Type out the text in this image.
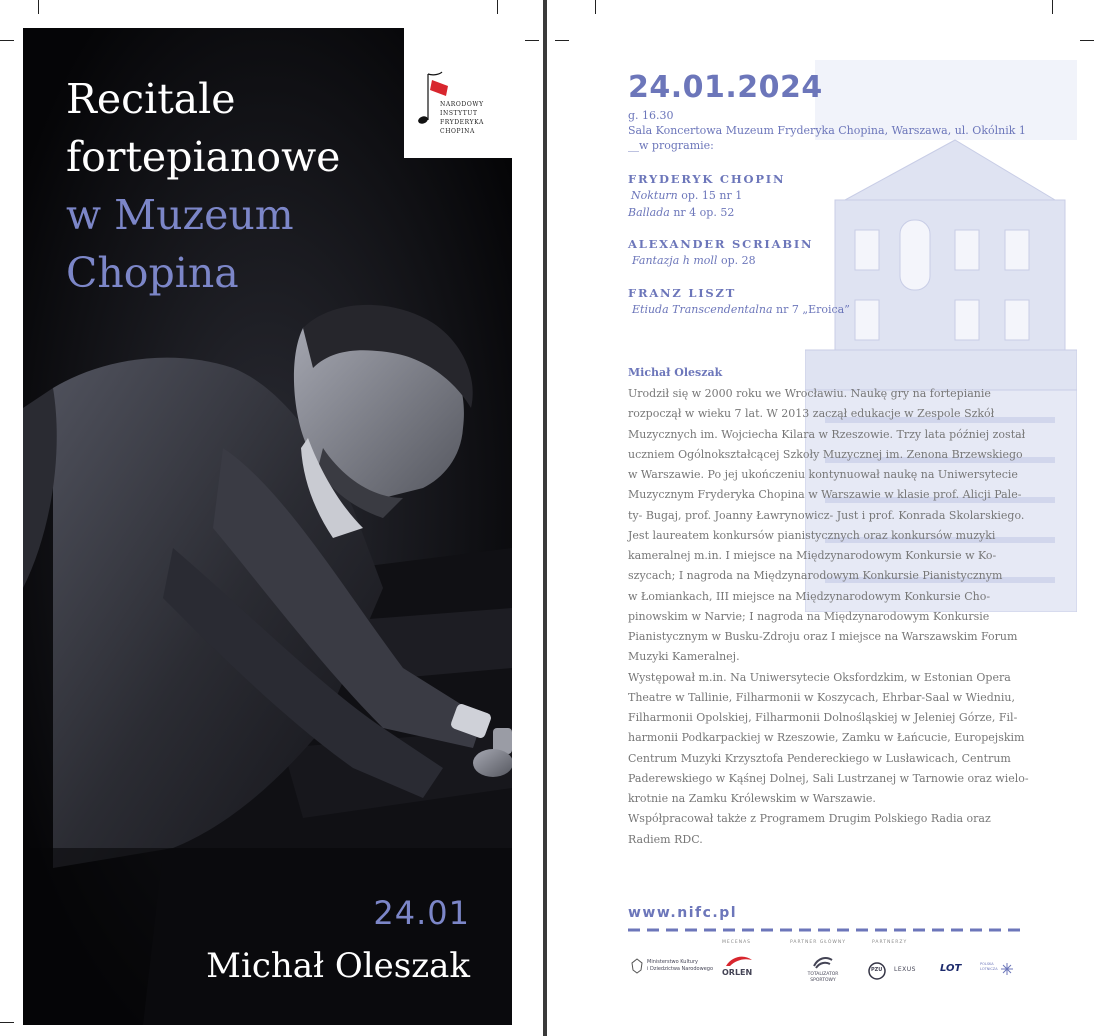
Recitale
fortepianowe
w Muzeum
Chopina
NARODOWY
INSTYTUT
FRYDERYKA
CHOPINA
24.01
Michał Oleszak
24.01.2024
g. 16.30
Sala Koncertowa Muzeum Fryderyka Chopina, Warszawa, ul. Okólnik 1
__w programie:
FRYDERYK CHOPIN
Nokturn op. 15 nr 1
Ballada nr 4 op. 52
ALEXANDER SCRIABIN
Fantazja h moll op. 28
FRANZ LISZT
Etiuda Transcendentalna nr 7 „Eroica”
Michał Oleszak
Urodził się w 2000 roku we Wrocławiu. Naukę gry na fortepianie
rozpoczął w wieku 7 lat. W 2013 zaczął edukacje w Zespole Szkół
Muzycznych im. Wojciecha Kilara w Rzeszowie. Trzy lata później został
uczniem Ogólnokształcącej Szkoły Muzycznej im. Zenona Brzewskiego
w Warszawie. Po jej ukończeniu kontynuował naukę na Uniwersytecie
Muzycznym Fryderyka Chopina w Warszawie w klasie prof. Alicji Pale-
ty- Bugaj, prof. Joanny Ławrynowicz- Just i prof. Konrada Skolarskiego.
Jest laureatem konkursów pianistycznych oraz konkursów muzyki
kameralnej m.in. I miejsce na Międzynarodowym Konkursie w Ko-
szycach; I nagroda na Międzynarodowym Konkursie Pianistycznym
w Łomiankach, III miejsce na Międzynarodowym Konkursie Cho-
pinowskim w Narvie; I nagroda na Międzynarodowym Konkursie
Pianistycznym w Busku-Zdroju oraz I miejsce na Warszawskim Forum
Muzyki Kameralnej.
Występował m.in. Na Uniwersytecie Oksfordzkim, w Estonian Opera
Theatre w Tallinie, Filharmonii w Koszycach, Ehrbar-Saal w Wiedniu,
Filharmonii Opolskiej, Filharmonii Dolnośląskiej w Jeleniej Górze, Fil-
harmonii Podkarpackiej w Rzeszowie, Zamku w Łańcucie, Europejskim
Centrum Muzyki Krzysztofa Pendereckiego w Lusławicach, Centrum
Paderewskiego w Kąśnej Dolnej, Sali Lustrzanej w Tarnowie oraz wielo-
krotnie na Zamku Królewskim w Warszawie.
Współpracował także z Programem Drugim Polskiego Radia oraz
Radiem RDC.
www.nifc.pl
MECENAS	PARTNER GŁÓWNY	PARTNERZY
Ministerstwo Kultury
i Dziedzictwa Narodowego ORLEN	TOTALIZATOR
SPORTOWY
PZU LEXUS LOT	POLSKA
LOTNICZA
